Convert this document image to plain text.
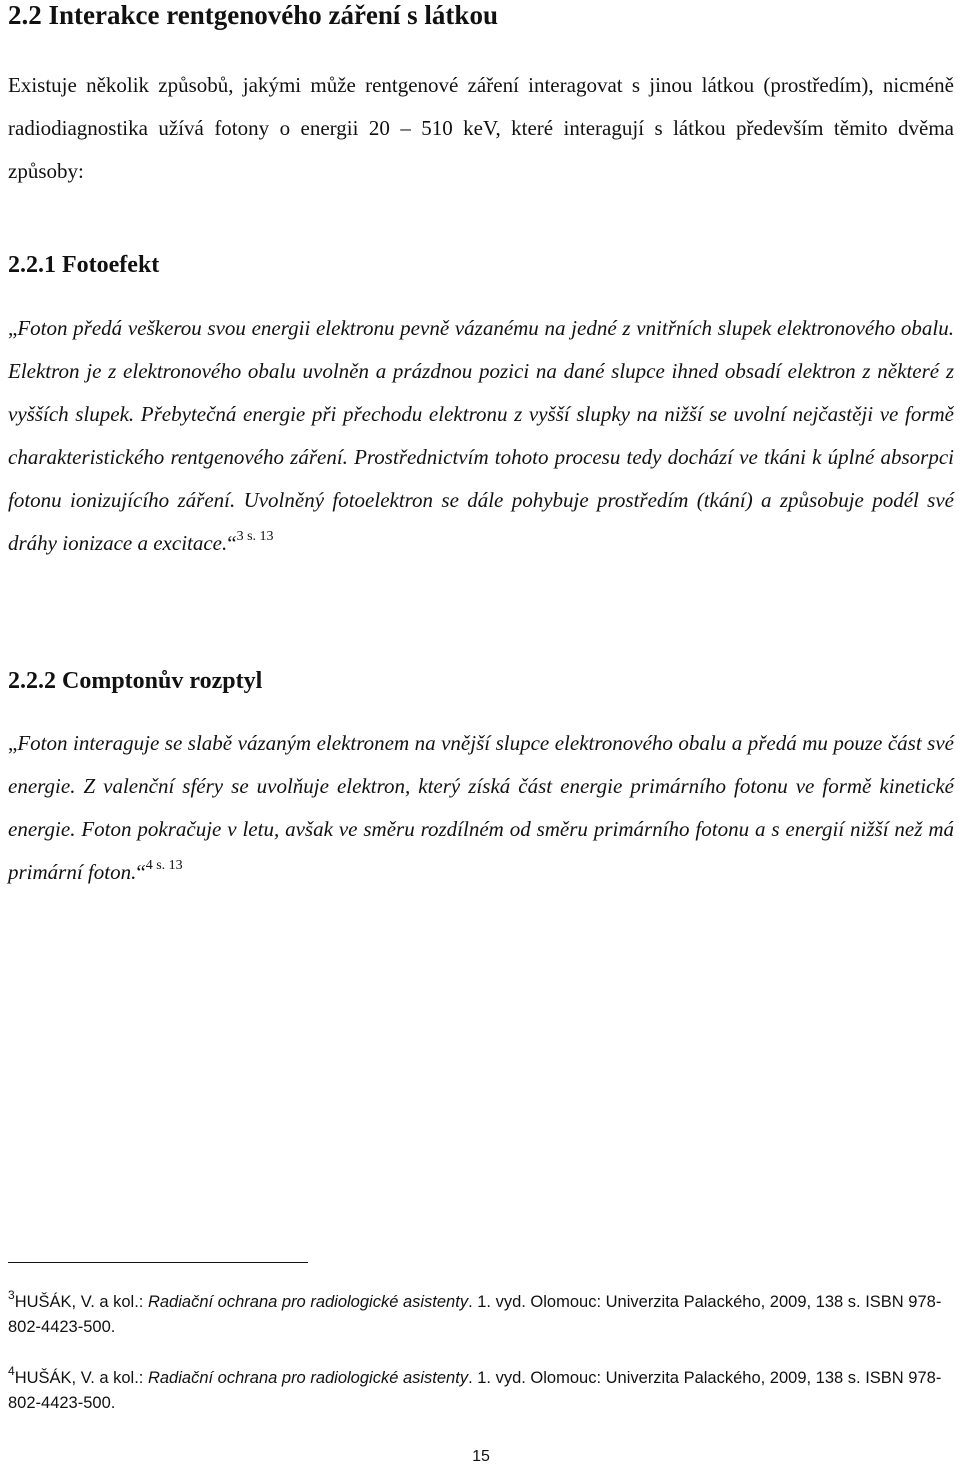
2.2 Interakce rentgenového záření s látkou

Existuje několik způsobů, jakými může rentgenové záření interagovat s jinou látkou (prostředím), nicméně radiodiagnostika užívá fotony o energii 20 – 510 keV, které interagují s látkou především těmito dvěma způsoby:

2.2.1 Fotoefekt

„Foton předá veškerou svou energii elektronu pevně vázanému na jedné z vnitřních slupek elektronového obalu. Elektron je z elektronového obalu uvolněn a prázdnou pozici na dané slupce ihned obsadí elektron z některé z vyšších slupek. Přebytečná energie při přechodu elektronu z vyšší slupky na nižší se uvolní nejčastěji ve formě charakteristického rentgenového záření. Prostřednictvím tohoto procesu tedy dochází ve tkáni k úplné absorpci fotonu ionizujícího záření. Uvolněný fotoelektron se dále pohybuje prostředím (tkání) a způsobuje podél své dráhy ionizace a excitace.“$^{3 s. 13}$

2.2.2 Comptonův rozptyl

„Foton interaguje se slabě vázaným elektronem na vnější slupce elektronového obalu a předá mu pouze část své energie. Z valenční sféry se uvolňuje elektron, který získá část energie primárního fotonu ve formě kinetické energie. Foton pokračuje v letu, avšak ve směru rozdílném od směru primárního fotonu a s energií nižší než má primární foton.“$^{4 s. 13}$

$^3$HUŠÁK, V. a kol.: Radiační ochrana pro radiologické asistenty. 1. vyd. Olomouc: Univerzita Palackého, 2009, 138 s. ISBN 978-802-4423-500.

$^4$HUŠÁK, V. a kol.: Radiační ochrana pro radiologické asistenty. 1. vyd. Olomouc: Univerzita Palackého, 2009, 138 s. ISBN 978-802-4423-500.

15
